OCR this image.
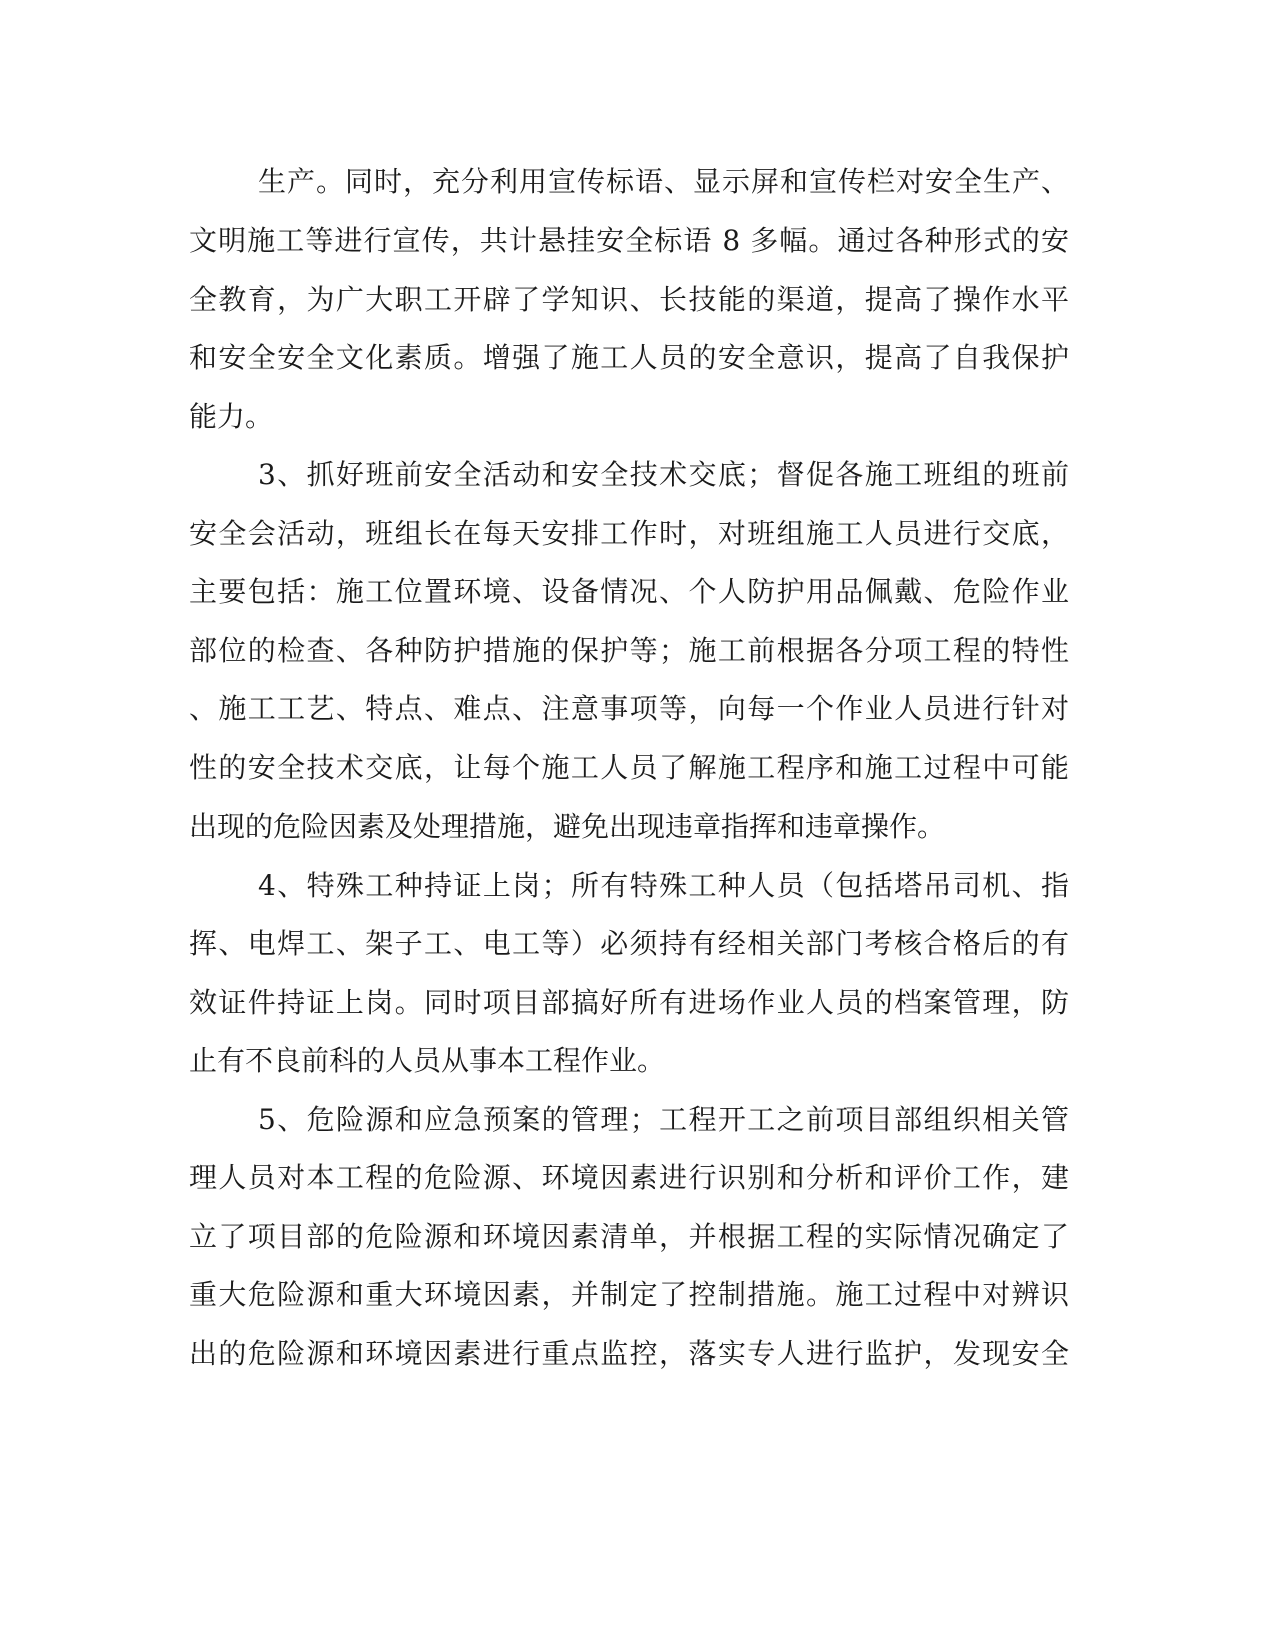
生产。同时，充分利用宣传标语、显示屏和宣传栏对安全生产、
文明施工等进行宣传，共计悬挂安全标语 8 多幅。通过各种形式的安
全教育，为广大职工开辟了学知识、长技能的渠道，提高了操作水平
和安全安全文化素质。增强了施工人员的安全意识，提高了自我保护
能力。
3、抓好班前安全活动和安全技术交底；督促各施工班组的班前
安全会活动，班组长在每天安排工作时，对班组施工人员进行交底，
主要包括：施工位置环境、设备情况、个人防护用品佩戴、危险作业
部位的检查、各种防护措施的保护等；施工前根据各分项工程的特性
、施工工艺、特点、难点、注意事项等，向每一个作业人员进行针对
性的安全技术交底，让每个施工人员了解施工程序和施工过程中可能
出现的危险因素及处理措施，避免出现违章指挥和违章操作。
4、特殊工种持证上岗；所有特殊工种人员（包括塔吊司机、指
挥、电焊工、架子工、电工等）必须持有经相关部门考核合格后的有
效证件持证上岗。同时项目部搞好所有进场作业人员的档案管理，防
止有不良前科的人员从事本工程作业。
5、危险源和应急预案的管理；工程开工之前项目部组织相关管
理人员对本工程的危险源、环境因素进行识别和分析和评价工作，建
立了项目部的危险源和环境因素清单，并根据工程的实际情况确定了
重大危险源和重大环境因素，并制定了控制措施。施工过程中对辨识
出的危险源和环境因素进行重点监控，落实专人进行监护，发现安全
